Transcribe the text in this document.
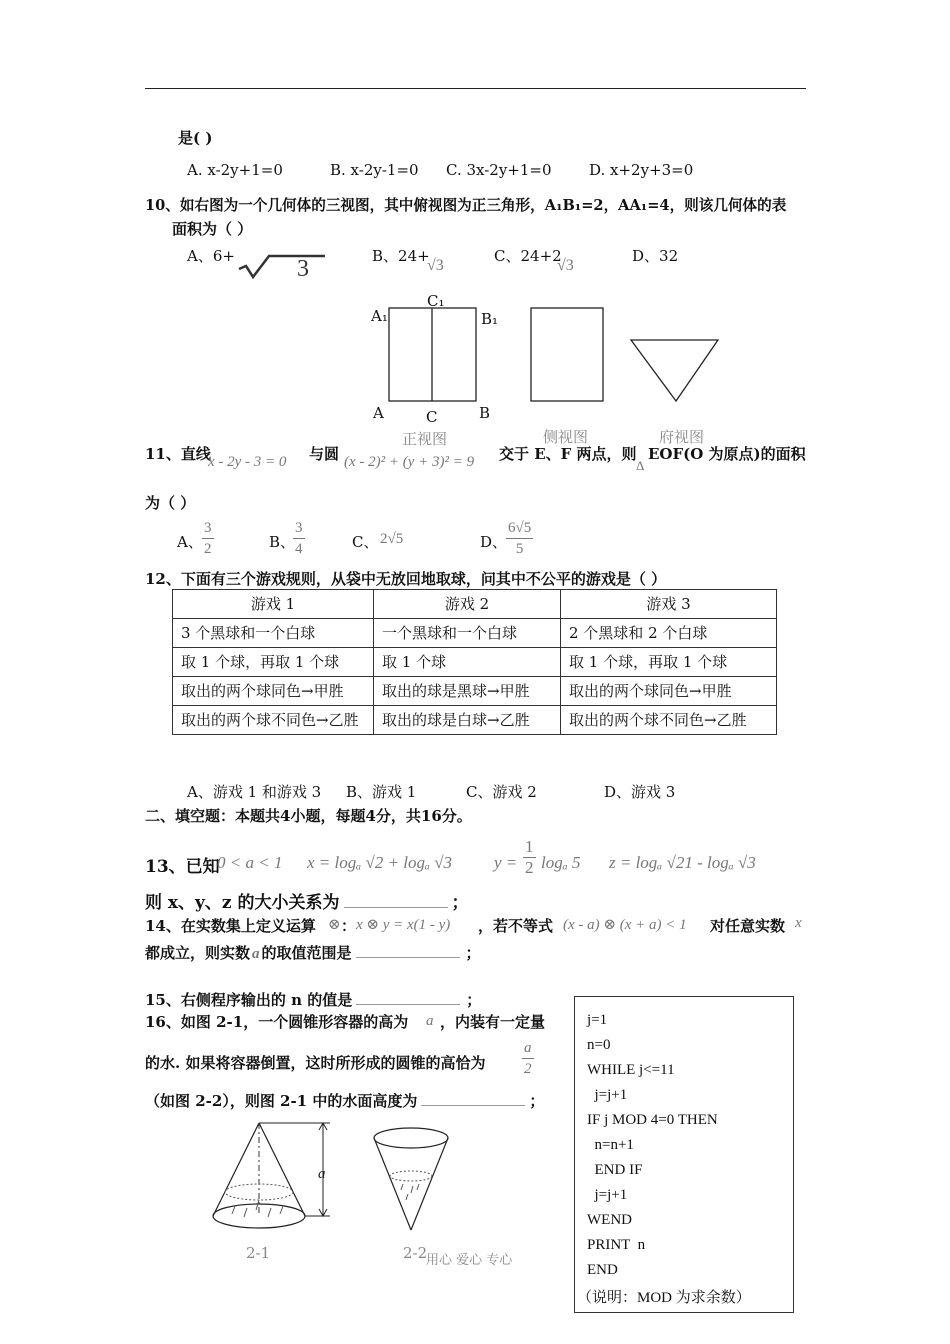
是( )
A. x-2y+1=0	B. x-2y-1=0 C. 3x-2y+1=0 D. x+2y+3=0
10、如右图为一个几何体的三视图，其中俯视图为正三角形，A₁B₁=2，AA₁=4，则该几何体的表
面积为（ ）
A、6+	3	B、24+
√3
C、24+2
√3
D、32
A₁
C₁
B₁
A	C	B
正视图	侧视图	府视图
11、直线
x - 2y - 3 = 0 与圆 (x - 2)² + (y + 3)² = 9 交于 E、F 两点，则
Δ
EOF(O 为原点)的面积
为（ ）
A、 $\frac{3}{2}$	B、
$\frac{3}{4}$	C、 2√5	D、
$\frac{6√5}{5}$
12、下面有三个游戏规则，从袋中无放回地取球，问其中不公平的游戏是（ ）
游戏 1	游戏 2	游戏 3
3 个黑球和一个白球	一个黑球和一个白球	2 个黑球和 2 个白球
取 1 个球，再取 1 个球	取 1 个球	取 1 个球，再取 1 个球
取出的两个球同色→甲胜	取出的球是黑球→甲胜	取出的两个球同色→甲胜
取出的两个球不同色→乙胜	取出的球是白球→乙胜	取出的两个球不同色→乙胜
A、游戏 1 和游戏 3 B、游戏 1	C、游戏 2	D、游戏 3
二、填空题：本题共4小题，每题4分，共16分。
13、已知
0 < a < 1 x = logₐ √2 + logₐ √3 $y = \frac{1}{2}$ logₐ 5 z = logₐ √21 - logₐ √3
则 x、y、z 的大小关系为	；
14、在实数集上定义运算 ⊗ ： x ⊗ y = x(1 - y) ，若不等式 (x - a) ⊗ (x + a) < 1 对任意实数 x
都成立，则实数 a 的取值范围是	；
15、右侧程序输出的 n 的值是	；
16、如图 2-1，一个圆锥形容器的高为 a ，内装有一定量
的水. 如果将容器倒置，这时所形成的圆锥的高恰为 $\frac{a}{2}$
（如图 2-2），则图 2-1 中的水面高度为	；
a
2-1	2-2
用心 爱心 专心
j=1
n=0
WHILE j<=11
j=j+1
IF j MOD 4=0 THEN
n=n+1
END IF
j=j+1
WEND
PRINT  n
END
（说明：MOD 为求余数）
